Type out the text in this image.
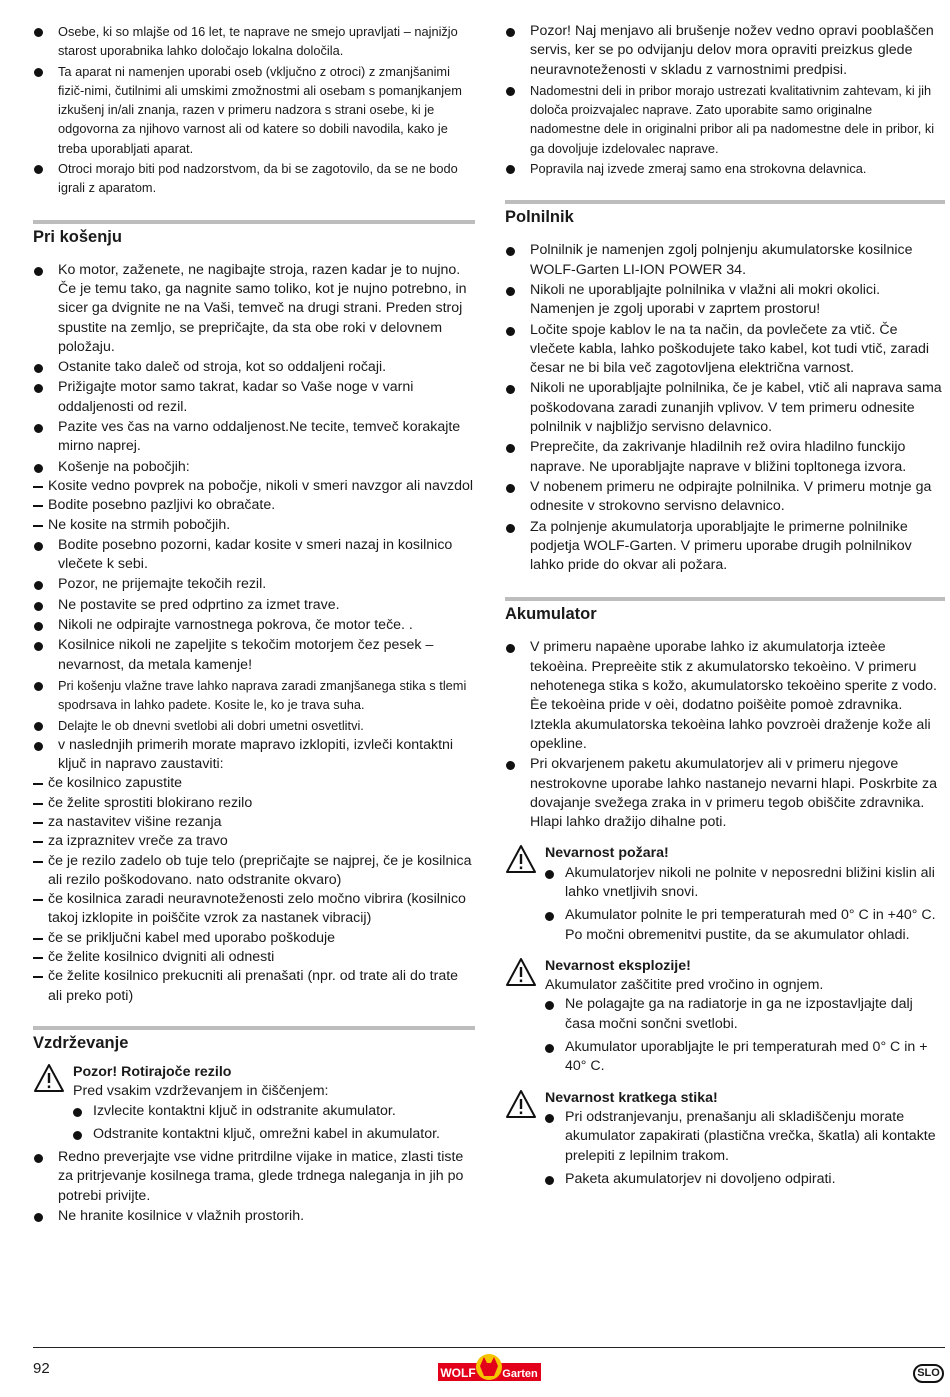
Osebe, ki so mlajše od 16 let, te naprave ne smejo upravljati – najnižjo starost uporabnika lahko določajo lokalna določila.
Ta aparat ni namenjen uporabi oseb (vključno z otroci) z zmanjšanimi fizič-nimi, čutilnimi ali umskimi zmožnostmi ali osebam s pomanjkanjem izkušenj in/ali znanja, razen v primeru nadzora s strani osebe, ki je odgovorna za njihovo varnost ali od katere so dobili navodila, kako je treba uporabljati aparat.
Otroci morajo biti pod nadzorstvom, da bi se zagotovilo, da se ne bodo igrali z aparatom.
Pri košenju
Ko motor, zaženete, ne nagibajte stroja, razen kadar je to nujno. Če je temu tako, ga nagnite samo toliko, kot je nujno potrebno, in sicer ga dvignite ne na Vaši, temveč na drugi strani. Preden stroj spustite na zemljo, se prepričajte, da sta obe roki v delovnem položaju.
Ostanite tako daleč od stroja, kot so oddaljeni ročaji.
Prižigajte motor samo takrat, kadar so Vaše noge v varni oddaljenosti od rezil.
Pazite ves čas na varno oddaljenost.Ne tecite, temveč korakajte mirno naprej.
Košenje na pobočjih:
Kosite vedno povprek na pobočje, nikoli v smeri navzgor ali navzdol
Bodite posebno pazljivi ko obračate.
Ne kosite na strmih pobočjih.
Bodite posebno pozorni, kadar kosite v smeri nazaj in kosilnico vlečete k sebi.
Pozor, ne prijemajte tekočih rezil.
Ne postavite se pred odprtino za izmet trave.
Nikoli ne odpirajte varnostnega pokrova, če motor teče. .
Kosilnice nikoli ne zapeljite s tekočim motorjem čez pesek – nevarnost, da metala kamenje!
Pri košenju vlažne trave lahko naprava zaradi zmanjšanega stika s tlemi spodrsava in lahko padete. Kosite le, ko je trava suha.
Delajte le ob dnevni svetlobi ali dobri umetni osvetlitvi.
v naslednjih primerih morate mapravo izklopiti, izvleči kontaktni ključ in napravo zaustaviti:
če kosilnico zapustite
če želite sprostiti blokirano rezilo
za nastavitev višine rezanja
za izpraznitev vreče za travo
če je rezilo zadelo ob tuje telo (prepričajte se najprej, če je kosilnica ali rezilo poškodovano. nato odstranite okvaro)
če kosilnica zaradi neuravnoteženosti zelo močno vibrira (kosilnico takoj izklopite in poiščite vzrok za nastanek vibracij)
če se priključni kabel med uporabo poškoduje
če želite kosilnico dvigniti ali odnesti
če želite kosilnico prekucniti ali prenašati (npr. od trate ali do trate ali preko poti)
Vzdrževanje
Pozor! Rotirajoče rezilo
Pred vsakim vzdrževanjem in čiščenjem:
Izvlecite kontaktni ključ in odstranite akumulator.
Odstranite kontaktni ključ, omrežni kabel in akumulator.
Redno preverjajte vse vidne pritrdilne vijake in matice, zlasti tiste za pritrjevanje kosilnega trama, glede trdnega naleganja in jih po potrebi privijte.
Ne hranite kosilnice v vlažnih prostorih.
Pozor! Naj menjavo ali brušenje nožev vedno opravi pooblaščen servis, ker se po odvijanju delov mora opraviti preizkus glede neuravnoteženosti v skladu z varnostnimi predpisi.
Nadomestni deli in pribor morajo ustrezati kvalitativnim zahtevam, ki jih določa proizvajalec naprave. Zato uporabite samo originalne nadomestne dele in originalni pribor ali pa nadomestne dele in pribor, ki ga dovoljuje izdelovalec naprave.
Popravila naj izvede zmeraj samo ena strokovna delavnica.
Polnilnik
Polnilnik je namenjen zgolj polnjenju akumulatorske kosilnice WOLF-Garten LI-ION POWER 34.
Nikoli ne uporabljajte polnilnika v vlažni ali mokri okolici. Namenjen je zgolj uporabi v zaprtem prostoru!
Ločite spoje kablov le na ta način, da povlečete za vtič. Če vlečete kabla, lahko poškodujete tako kabel, kot tudi vtič, zaradi česar ne bi bila več zagotovljena električna varnost.
Nikoli ne uporabljajte polnilnika, če je kabel, vtič ali naprava sama poškodovana zaradi zunanjih vplivov. V tem primeru odnesite polnilnik v najbližjo servisno delavnico.
Preprečite, da zakrivanje hladilnih rež ovira hladilno funckijo naprave. Ne uporabljajte naprave v bližini topltonega izvora.
V nobenem primeru ne odpirajte polnilnika. V primeru motnje ga odnesite v strokovno servisno delavnico.
Za polnjenje akumulatorja uporabljajte le primerne polnilnike podjetja WOLF-Garten. V primeru uporabe drugih polnilnikov lahko pride do okvar ali požara.
Akumulator
V primeru napaène uporabe lahko iz akumulatorja izteèe tekoèina. Prepreèite stik z akumulatorsko tekoèino. V primeru nehotenega stika s kožo, akumulatorsko tekoèino sperite z vodo. Èe tekoèina pride v oèi, dodatno poišèite pomoè zdravnika. Iztekla akumulatorska tekoèina lahko povzroèi draženje kože ali opekline.
Pri okvarjenem paketu akumulatorjev ali v primeru njegove nestrokovne uporabe lahko nastanejo nevarni hlapi. Poskrbite za dovajanje svežega zraka in v primeru tegob obiščite zdravnika. Hlapi lahko dražijo dihalne poti.
Nevarnost požara!
Akumulatorjev nikoli ne polnite v neposredni bližini kislin ali lahko vnetljivih snovi.
Akumulator polnite le pri temperaturah med 0° C in +40° C. Po močni obremenitvi pustite, da se akumulator ohladi.
Nevarnost eksplozije!
Akumulator zaščitite pred vročino in ognjem.
Ne polagajte ga na radiatorje in ga ne izpostavljajte dalj časa močni sončni svetlobi.
Akumulator uporabljajte le pri temperaturah med 0° C in + 40° C.
Nevarnost kratkega stika!
Pri odstranjevanju, prenašanju ali skladiščenju morate akumulator zapakirati (plastična vrečka, škatla) ali kontakte prelepiti z lepilnim trakom.
Paketa akumulatorjev ni dovoljeno odpirati.
92	WOLF Garten	SLO
